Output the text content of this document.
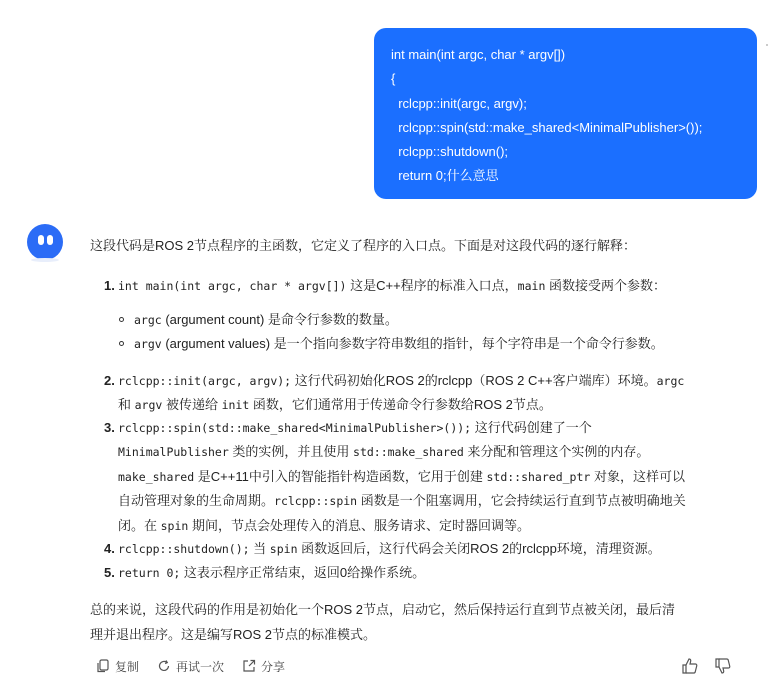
int main(int argc, char * argv[])
{
rclcpp::init(argc, argv);
rclcpp::spin(std::make_shared<MinimalPublisher>());
rclcpp::shutdown();
return 0;什么意思
这段代码是ROS 2节点程序的主函数，它定义了程序的入口点。下面是对这段代码的逐行解释：
1. int main(int argc, char * argv[]) 这是C++程序的标准入口点，main 函数接受两个参数：
argc (argument count) 是命令行参数的数量。
argv (argument values) 是一个指向参数字符串数组的指针，每个字符串是一个命令行参数。
2. rclcpp::init(argc, argv); 这行代码初始化ROS 2的rclcpp（ROS 2 C++客户端库）环境。argc
和 argv 被传递给 init 函数，它们通常用于传递命令行参数给ROS 2节点。
3. rclcpp::spin(std::make_shared<MinimalPublisher>()); 这行代码创建了一个
MinimalPublisher 类的实例，并且使用 std::make_shared 来分配和管理这个实例的内存。
make_shared 是C++11中引入的智能指针构造函数，它用于创建 std::shared_ptr 对象，这样可以
自动管理对象的生命周期。rclcpp::spin 函数是一个阻塞调用，它会持续运行直到节点被明确地关
闭。在 spin 期间，节点会处理传入的消息、服务请求、定时器回调等。
4. rclcpp::shutdown(); 当 spin 函数返回后，这行代码会关闭ROS 2的rclcpp环境，清理资源。
5. return 0; 这表示程序正常结束，返回0给操作系统。
总的来说，这段代码的作用是初始化一个ROS 2节点，启动它，然后保持运行直到节点被关闭，最后清
理并退出程序。这是编写ROS 2节点的标准模式。
复制	再试一次	分享
